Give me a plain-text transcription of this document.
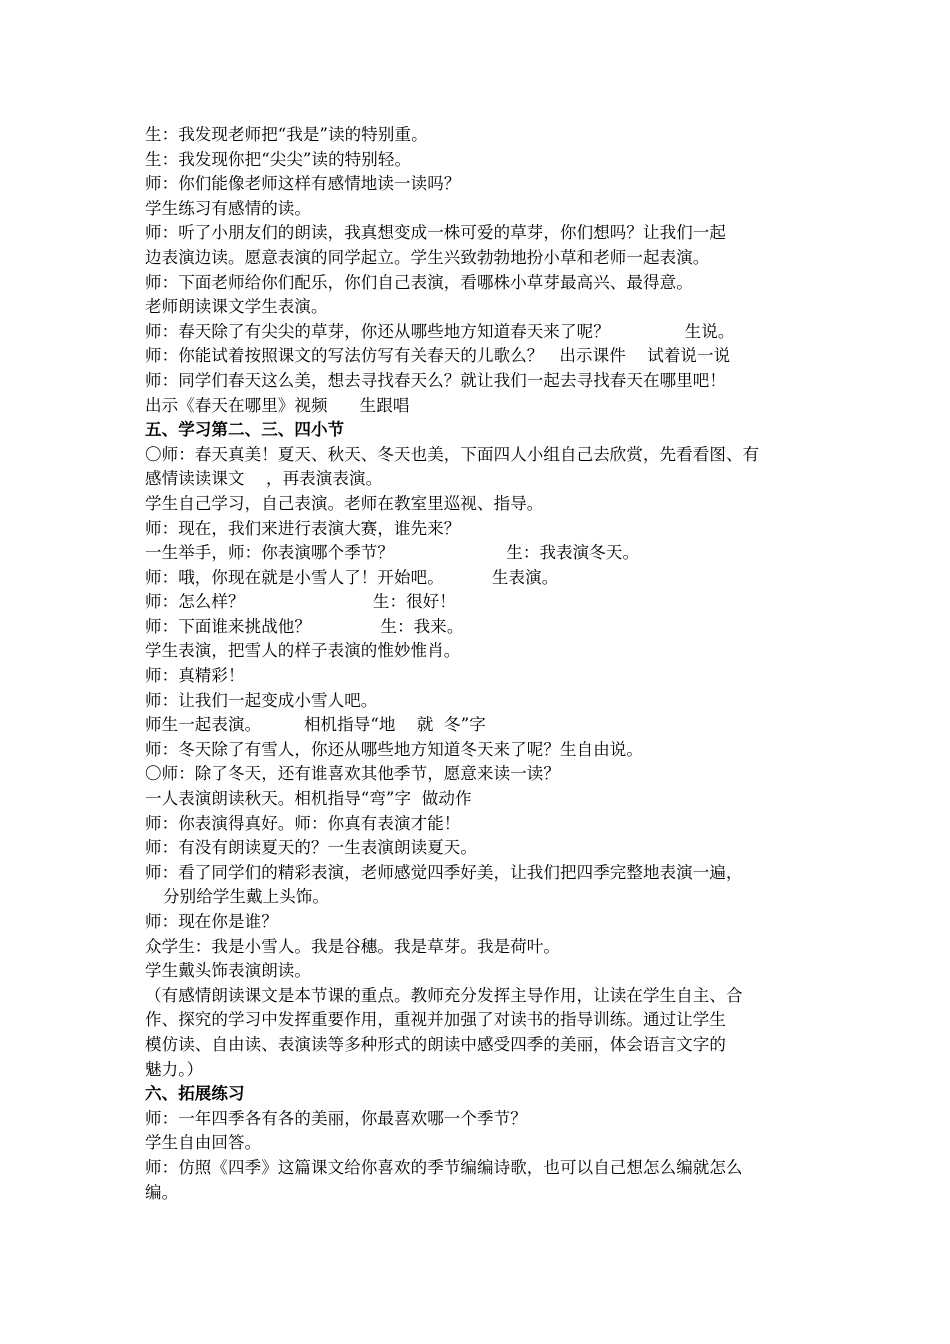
生：我发现老师把“我是”读的特别重。
生：我发现你把“尖尖”读的特别轻。
师：你们能像老师这样有感情地读一读吗？
学生练习有感情的读。
师：听了小朋友们的朗读，我真想变成一株可爱的草芽，你们想吗？让我们一起
边表演边读。愿意表演的同学起立。学生兴致勃勃地扮小草和老师一起表演。
师：下面老师给你们配乐，你们自己表演，看哪株小草芽最高兴、最得意。
老师朗读课文学生表演。
师：春天除了有尖尖的草芽，你还从哪些地方知道春天来了呢？              生说。
师：你能试着按照课文的写法仿写有关春天的儿歌么？   出示课件    试着说一说
师：同学们春天这么美，想去寻找春天么？就让我们一起去寻找春天在哪里吧！
出示《春天在哪里》视频      生跟唱
五、学习第二、三、四小节
〇师：春天真美！夏天、秋天、冬天也美，下面四人小组自己去欣赏，先看看图、有
感情读读课文    ，再表演表演。
学生自己学习，自己表演。老师在教室里巡视、指导。
师：现在，我们来进行表演大赛，谁先来？
一生举手，师：你表演哪个季节？                     生：我表演冬天。
师：哦，你现在就是小雪人了！开始吧。         生表演。
师：怎么样？                        生：很好！
师：下面谁来挑战他？             生：我来。
学生表演，把雪人的样子表演的惟妙惟肖。
师：真精彩！
师：让我们一起变成小雪人吧。
师生一起表演。        相机指导“地    就  冬”字
师：冬天除了有雪人，你还从哪些地方知道冬天来了呢？生自由说。
〇师：除了冬天，还有谁喜欢其他季节，愿意来读一读？
一人表演朗读秋天。相机指导“弯”字  做动作
师：你表演得真好。师：你真有表演才能！
师：有没有朗读夏天的？一生表演朗读夏天。
师：看了同学们的精彩表演，老师感觉四季好美，让我们把四季完整地表演一遍，
分别给学生戴上头饰。
师：现在你是谁？
众学生：我是小雪人。我是谷穗。我是草芽。我是荷叶。
学生戴头饰表演朗读。
（有感情朗读课文是本节课的重点。教师充分发挥主导作用，让读在学生自主、合
作、探究的学习中发挥重要作用，重视并加强了对读书的指导训练。通过让学生
模仿读、自由读、表演读等多种形式的朗读中感受四季的美丽，体会语言文字的
魅力。）
六、拓展练习
师：一年四季各有各的美丽，你最喜欢哪一个季节？
学生自由回答。
师：仿照《四季》这篇课文给你喜欢的季节编编诗歌，也可以自己想怎么编就怎么
编。
